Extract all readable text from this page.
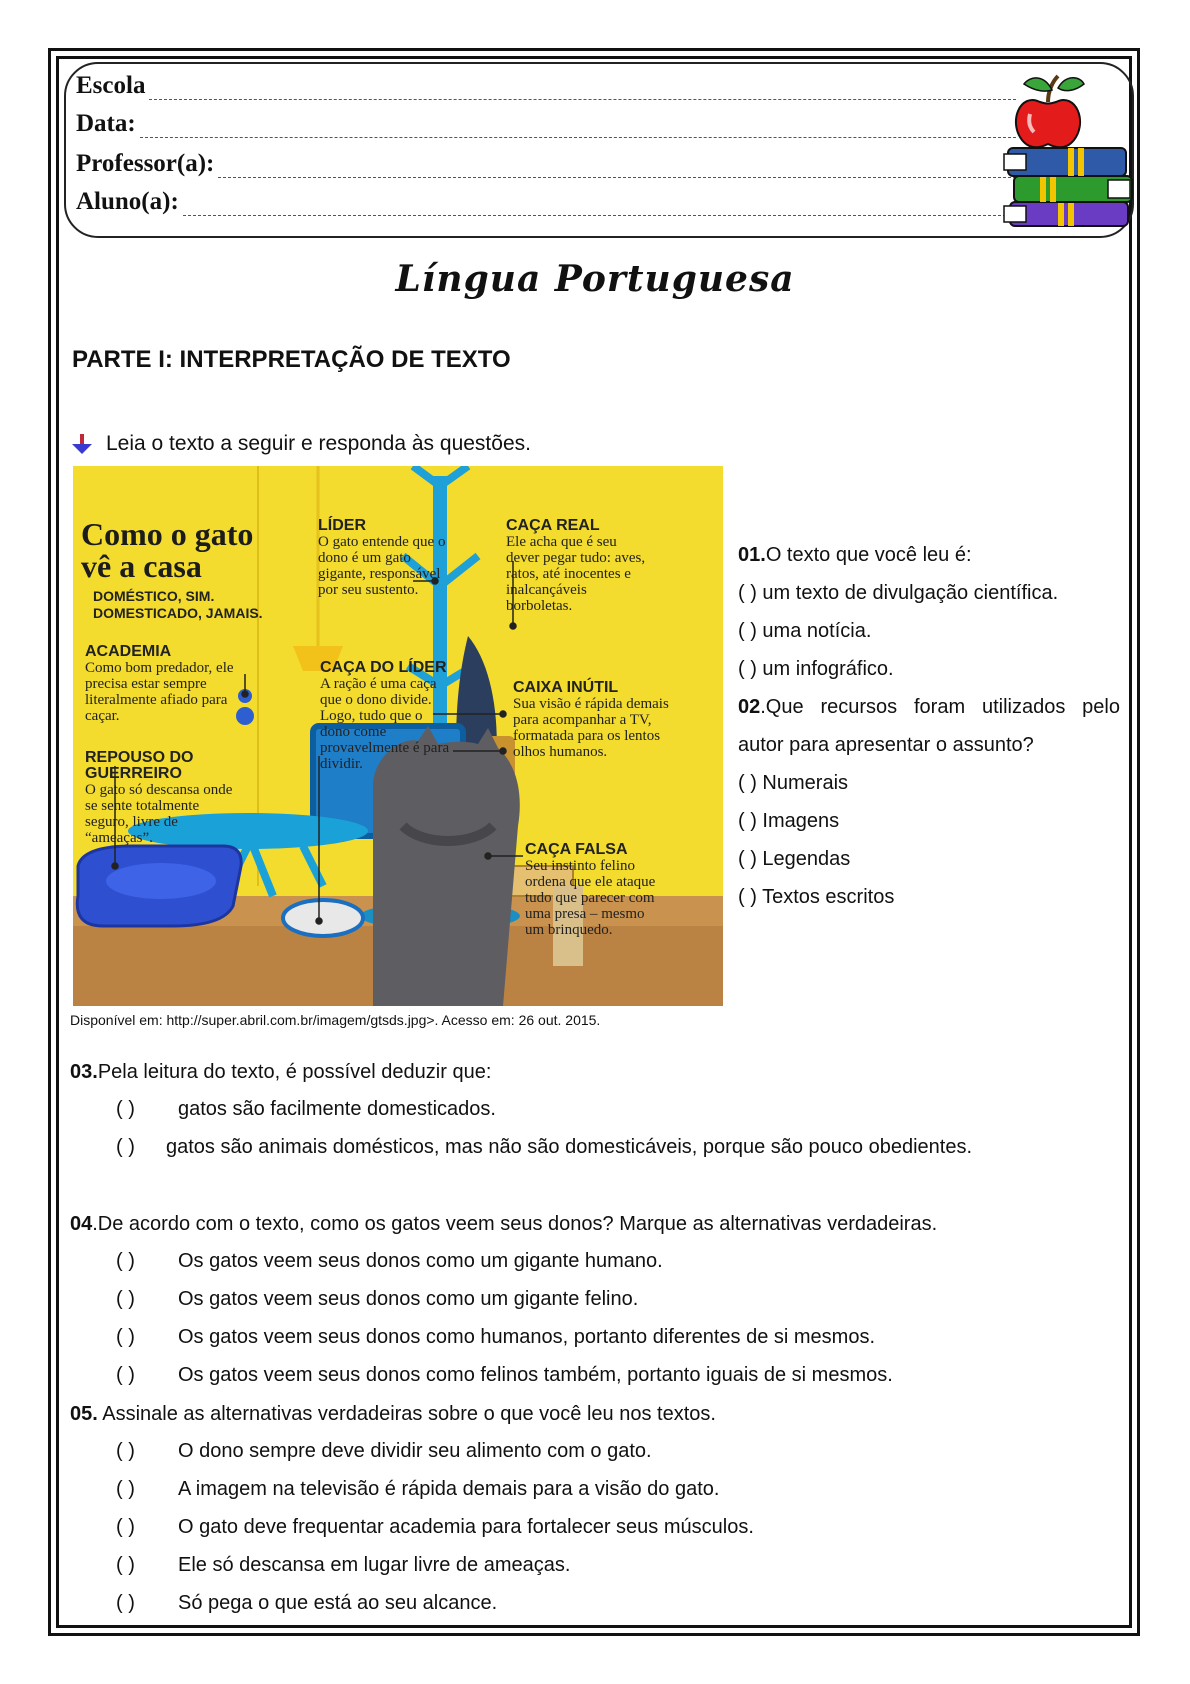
Escola
Data:
Professor(a):
Aluno(a):
Língua Portuguesa
PARTE I: INTERPRETAÇÃO DE TEXTO
Leia o texto a seguir e responda às questões.
Como o gato
vê a casa
DOMÉSTICO, SIM.
DOMESTICADO, JAMAIS.
ACADEMIA
Como bom predador, ele precisa estar sempre literalmente afiado para caçar.
REPOUSO DO GUERREIRO
O gato só descansa onde se sente totalmente seguro, livre de “ameaças”.
LÍDER
O gato entende que o dono é um gato gigante, responsável por seu sustento.
CAÇA DO LÍDER
A ração é uma caça que o dono divide. Logo, tudo que o dono come provavelmente é para dividir.
CAÇA REAL
Ele acha que é seu dever pegar tudo: aves, ratos, até inocentes e inalcançáveis borboletas.
CAIXA INÚTIL
Sua visão é rápida demais para acompanhar a TV, formatada para os lentos olhos humanos.
CAÇA FALSA
Seu instinto felino ordena que ele ataque tudo que parecer com uma presa – mesmo um brinquedo.
Disponível em: http://super.abril.com.br/imagem/gtsds.jpg>. Acesso em: 26 out. 2015.
01.O texto que você leu é:
( ) um texto de divulgação científica.
( ) uma notícia.
( ) um infográfico.
02.Que recursos foram utilizados pelo
autor para apresentar o assunto?
( ) Numerais
( ) Imagens
( ) Legendas
( ) Textos escritos
03.Pela leitura do texto, é possível deduzir que:
( )	gatos são facilmente domesticados.
( )	gatos são animais domésticos, mas não são domesticáveis, porque são pouco obedientes.
04.De acordo com o texto, como os gatos veem seus donos? Marque as alternativas verdadeiras.
( )	Os gatos veem seus donos como um gigante humano.
( )	Os gatos veem seus donos como um gigante felino.
( )	Os gatos veem seus donos como humanos, portanto diferentes de si mesmos.
( )	Os gatos veem seus donos como felinos também, portanto iguais de si mesmos.
05. Assinale as alternativas verdadeiras sobre o que você leu nos textos.
( )	O dono sempre deve dividir seu alimento com o gato.
( )	A imagem na televisão é rápida demais para a visão do gato.
( )	O gato deve frequentar academia para fortalecer seus músculos.
( )	Ele só descansa em lugar livre de ameaças.
( )	Só pega o que está ao seu alcance.
